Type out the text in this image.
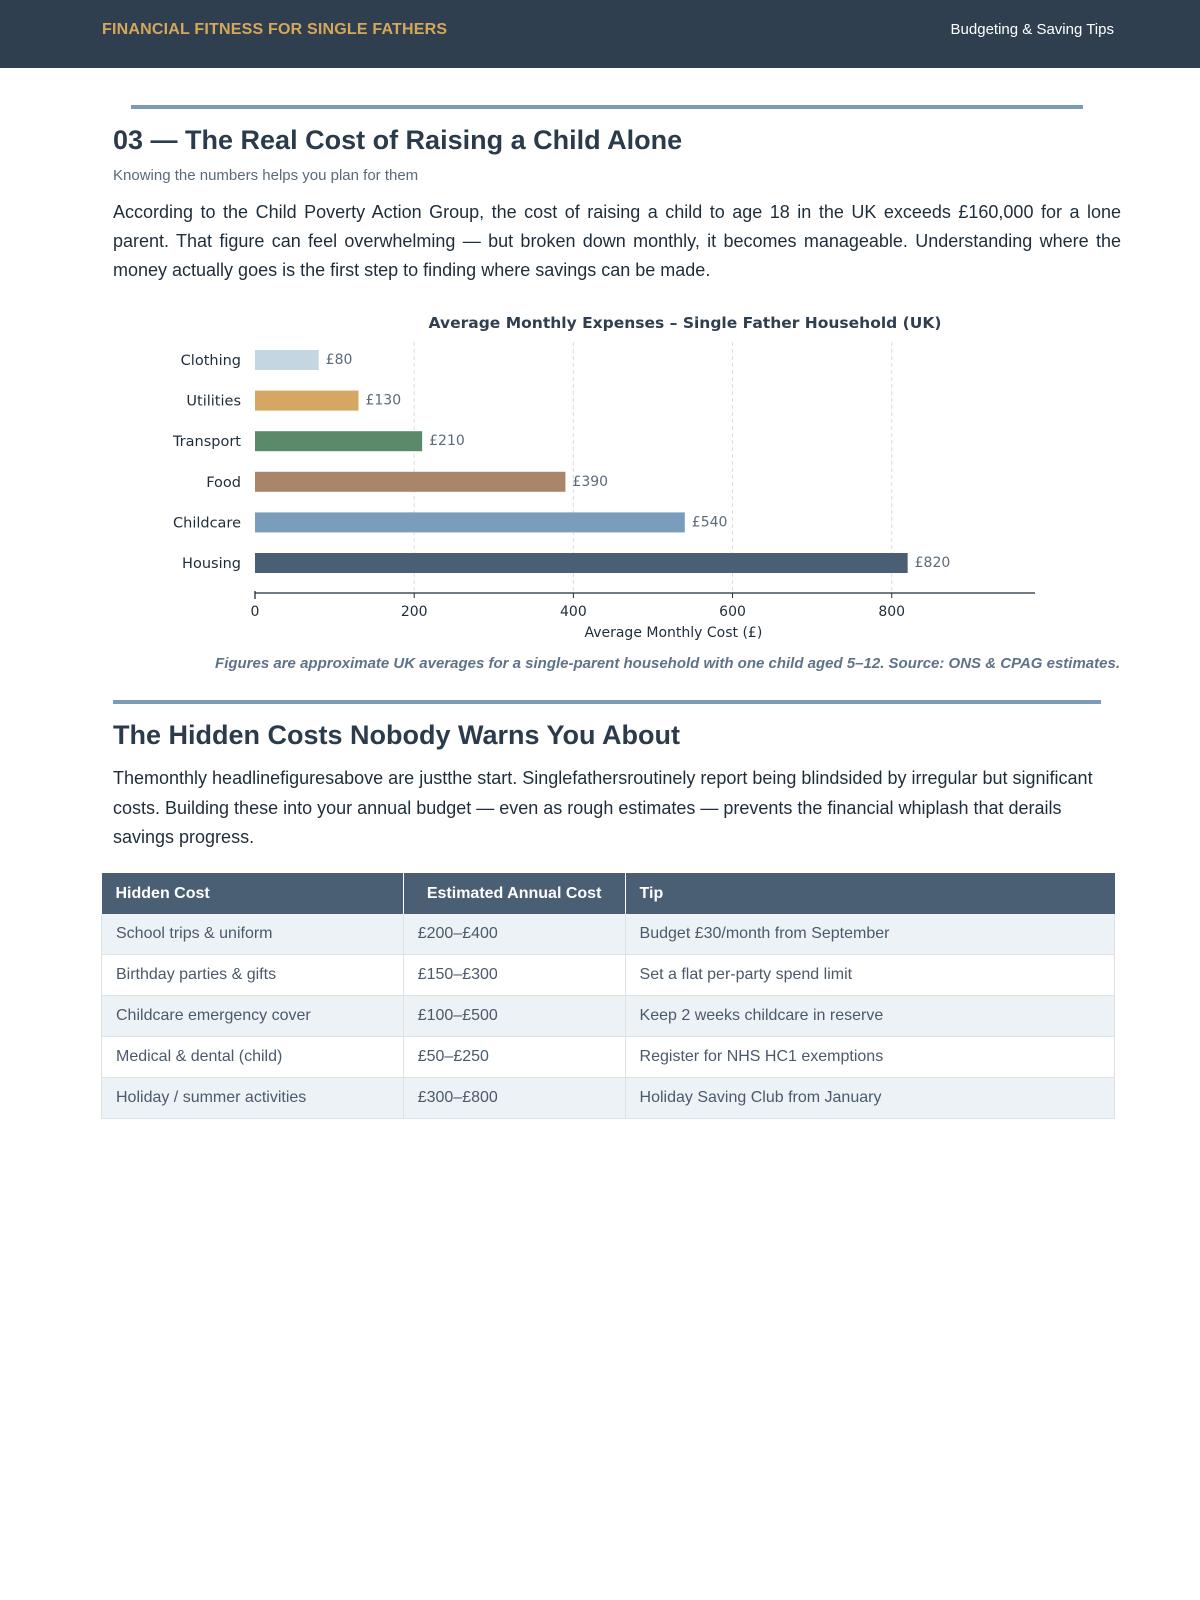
FINANCIAL FITNESS FOR SINGLE FATHERS	Budgeting & Saving Tips
03 — The Real Cost of Raising a Child Alone
Knowing the numbers helps you plan for them

According to the Child Poverty Action Group, the cost of raising a child to age 18 in the UK exceeds £160,000 for a lone parent. That figure can feel overwhelming — but broken down monthly, it becomes manageable. Understanding where the money actually goes is the first step to finding where savings can be made.

Average Monthly Expenses – Single Father Household (UK)
Clothing	£80
Utilities	£130
Transport	£210
Food	£390
Childcare	£540
Housing	£820
0	200	400	600	800
Average Monthly Cost (£)
Figures are approximate UK averages for a single-parent household with one child aged 5–12. Source: ONS & CPAG estimates.
The Hidden Costs Nobody Warns You About

Themonthly headlinefiguresabove are justthe start. Singlefathersroutinely report being blindsided by irregular but significant costs. Building these into your annual budget — even as rough estimates — prevents the financial whiplash that derails savings progress.

Hidden Cost	Estimated Annual Cost	Tip
School trips & uniform	£200–£400	Budget £30/month from September
Birthday parties & gifts	£150–£300	Set a flat per-party spend limit
Childcare emergency cover	£100–£500	Keep 2 weeks childcare in reserve
Medical & dental (child)	£50–£250	Register for NHS HC1 exemptions
Holiday / summer activities	£300–£800	Holiday Saving Club from January
